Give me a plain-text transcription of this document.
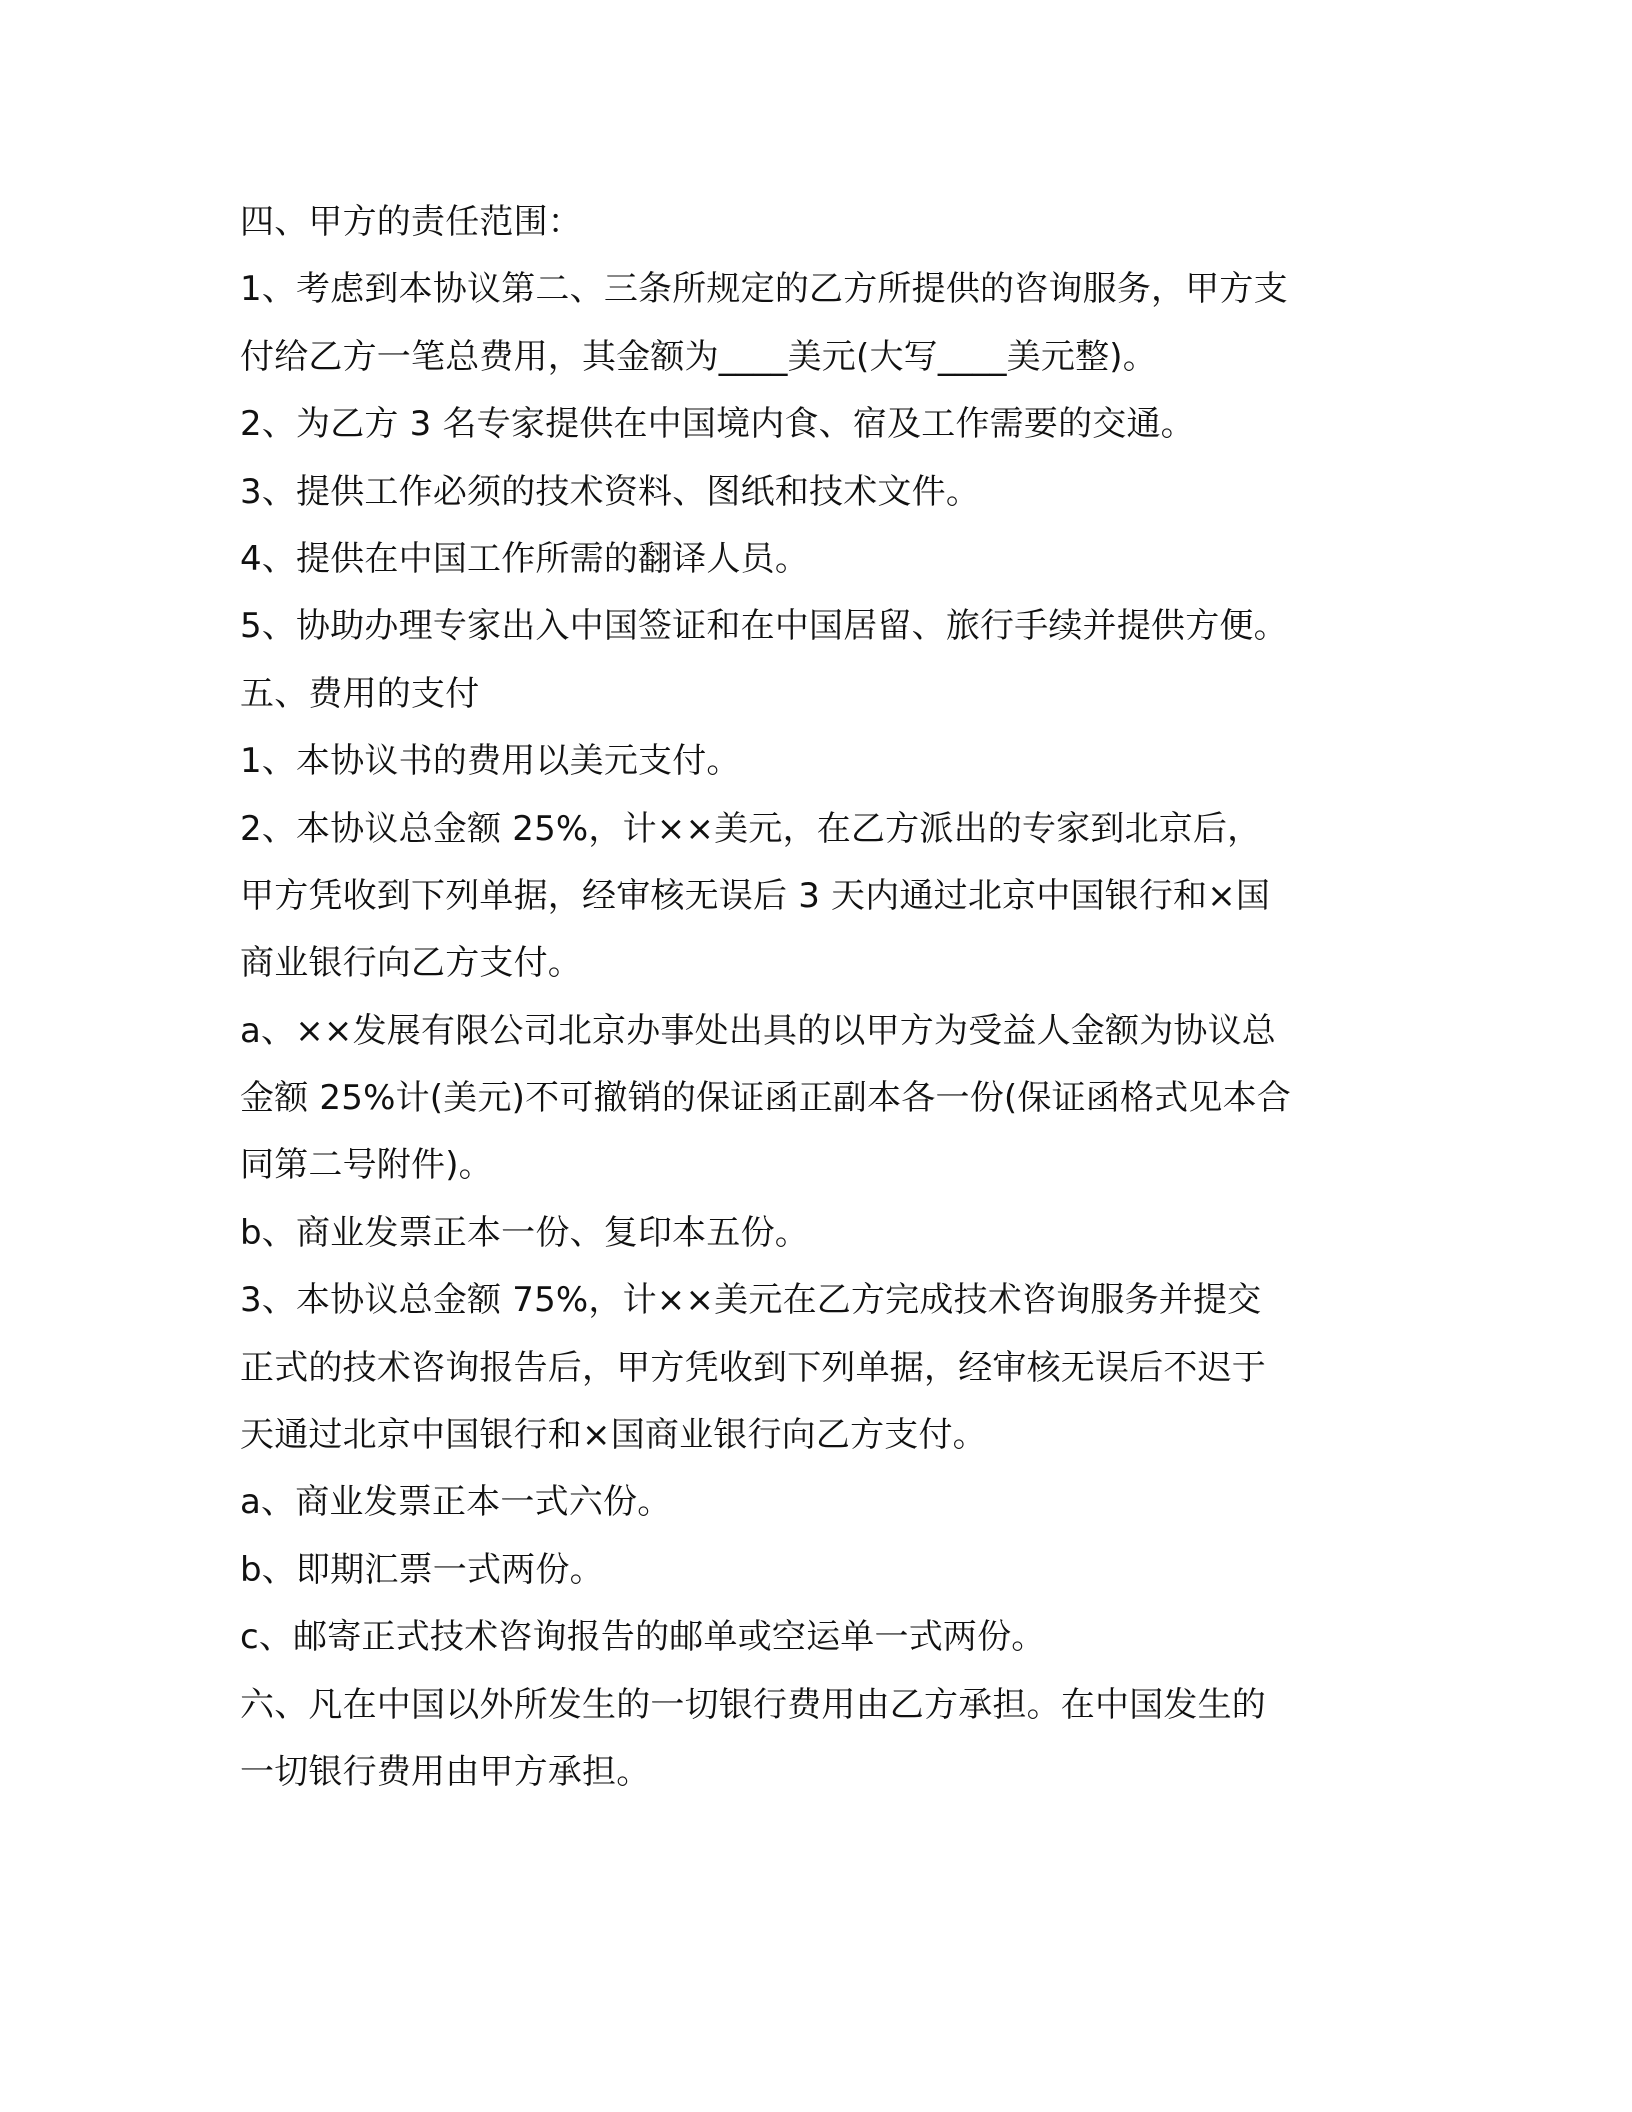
四、甲方的责任范围：
1、考虑到本协议第二、三条所规定的乙方所提供的咨询服务，甲方支
付给乙方一笔总费用，其金额为____美元(大写____美元整)。
2、为乙方 3 名专家提供在中国境内食、宿及工作需要的交通。
3、提供工作必须的技术资料、图纸和技术文件。
4、提供在中国工作所需的翻译人员。
5、协助办理专家出入中国签证和在中国居留、旅行手续并提供方便。
五、费用的支付
1、本协议书的费用以美元支付。
2、本协议总金额 25%，计××美元，在乙方派出的专家到北京后，
甲方凭收到下列单据，经审核无误后 3 天内通过北京中国银行和×国
商业银行向乙方支付。
a、××发展有限公司北京办事处出具的以甲方为受益人金额为协议总
金额 25%计(美元)不可撤销的保证函正副本各一份(保证函格式见本合
同第二号附件)。
b、商业发票正本一份、复印本五份。
3、本协议总金额 75%，计××美元在乙方完成技术咨询服务并提交
正式的技术咨询报告后，甲方凭收到下列单据，经审核无误后不迟于
天通过北京中国银行和×国商业银行向乙方支付。
a、商业发票正本一式六份。
b、即期汇票一式两份。
c、邮寄正式技术咨询报告的邮单或空运单一式两份。
六、凡在中国以外所发生的一切银行费用由乙方承担。在中国发生的
一切银行费用由甲方承担。
